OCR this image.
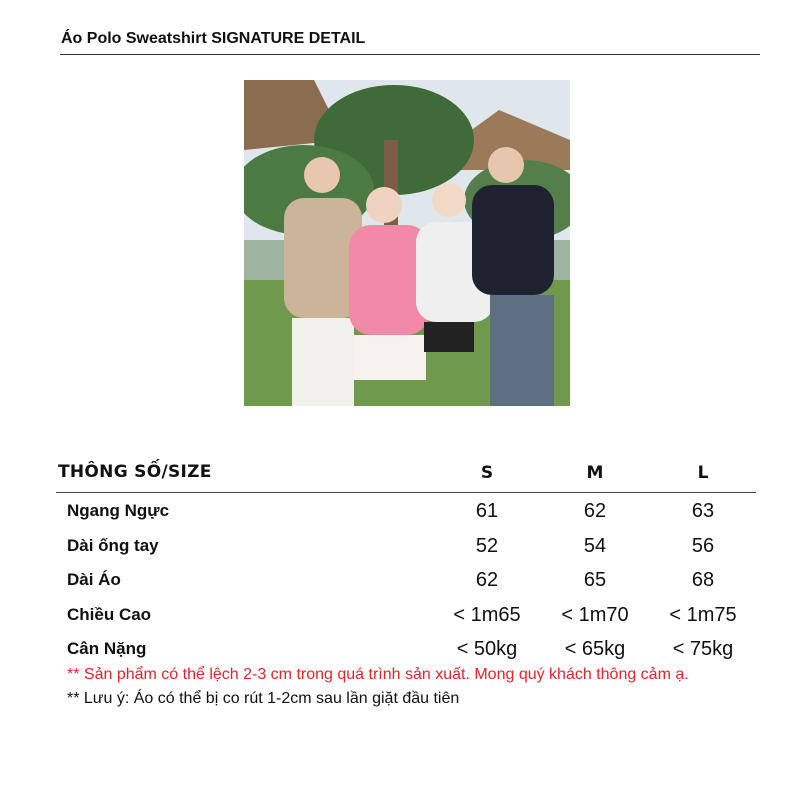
Áo Polo Sweatshirt SIGNATURE DETAIL
THÔNG SỐ/SIZE	S	M	L
Ngang Ngực	61	62	63
Dài ống tay	52	54	56
Dài Áo	62	65	68
Chiều Cao	< 1m65	< 1m70	< 1m75
Cân Nặng	< 50kg	< 65kg	< 75kg
** Sản phẩm có thể lệch 2-3 cm trong quá trình sản xuất. Mong quý khách thông cảm ạ.
** Lưu ý: Áo có thể bị co rút 1-2cm sau lần giặt đầu tiên
